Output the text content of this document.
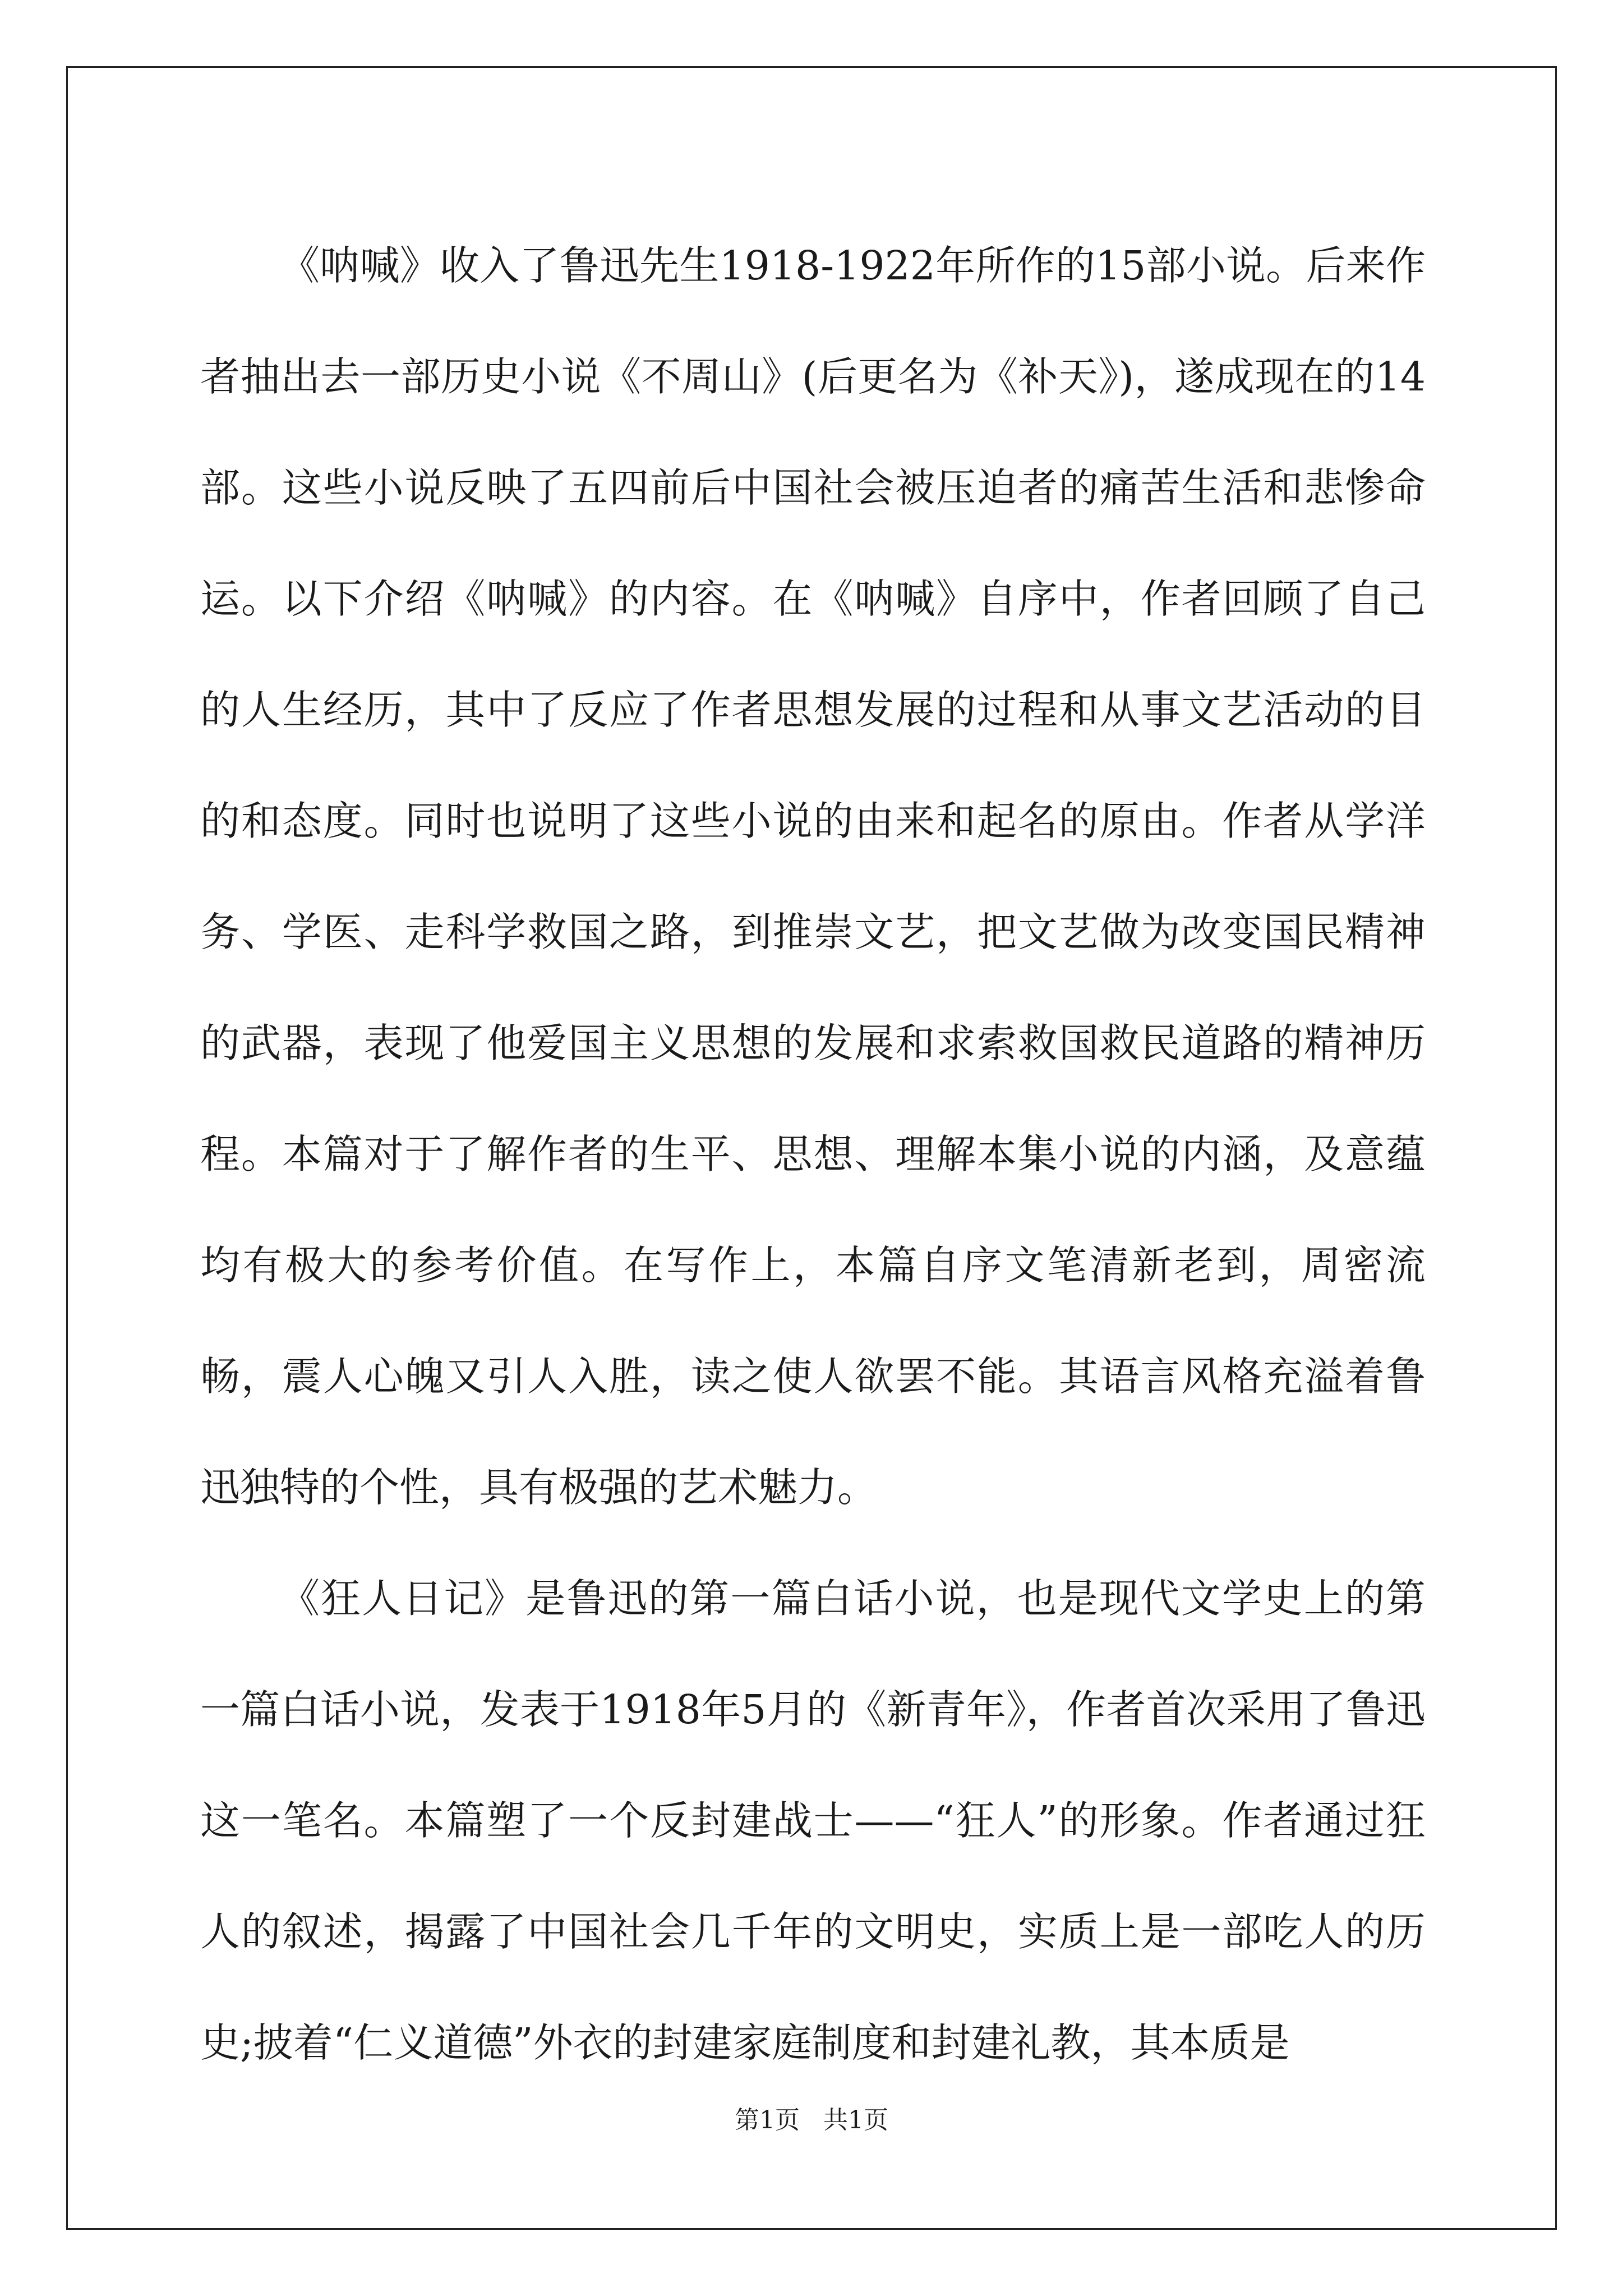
《呐喊》收入了鲁迅先生1918-1922年所作的15部小说。后来作者抽出去一部历史小说《不周山》(后更名为《补天》)，遂成现在的14部。这些小说反映了五四前后中国社会被压迫者的痛苦生活和悲惨命运。以下介绍《呐喊》的内容。在《呐喊》自序中，作者回顾了自己的人生经历，其中了反应了作者思想发展的过程和从事文艺活动的目的和态度。同时也说明了这些小说的由来和起名的原由。作者从学洋务、学医、走科学救国之路，到推崇文艺，把文艺做为改变国民精神的武器，表现了他爱国主义思想的发展和求索救国救民道路的精神历程。本篇对于了解作者的生平、思想、理解本集小说的内涵，及意蕴均有极大的参考价值。在写作上，本篇自序文笔清新老到，周密流畅，震人心魄又引人入胜，读之使人欲罢不能。其语言风格充溢着鲁迅独特的个性，具有极强的艺术魅力。

《狂人日记》是鲁迅的第一篇白话小说，也是现代文学史上的第一篇白话小说，发表于1918年5月的《新青年》，作者首次采用了鲁迅这一笔名。本篇塑了一个反封建战士——“狂人”的形象。作者通过狂人的叙述，揭露了中国社会几千年的文明史，实质上是一部吃人的历史;披着“仁义道德”外衣的封建家庭制度和封建礼教，其本质是

第1页   共1页
